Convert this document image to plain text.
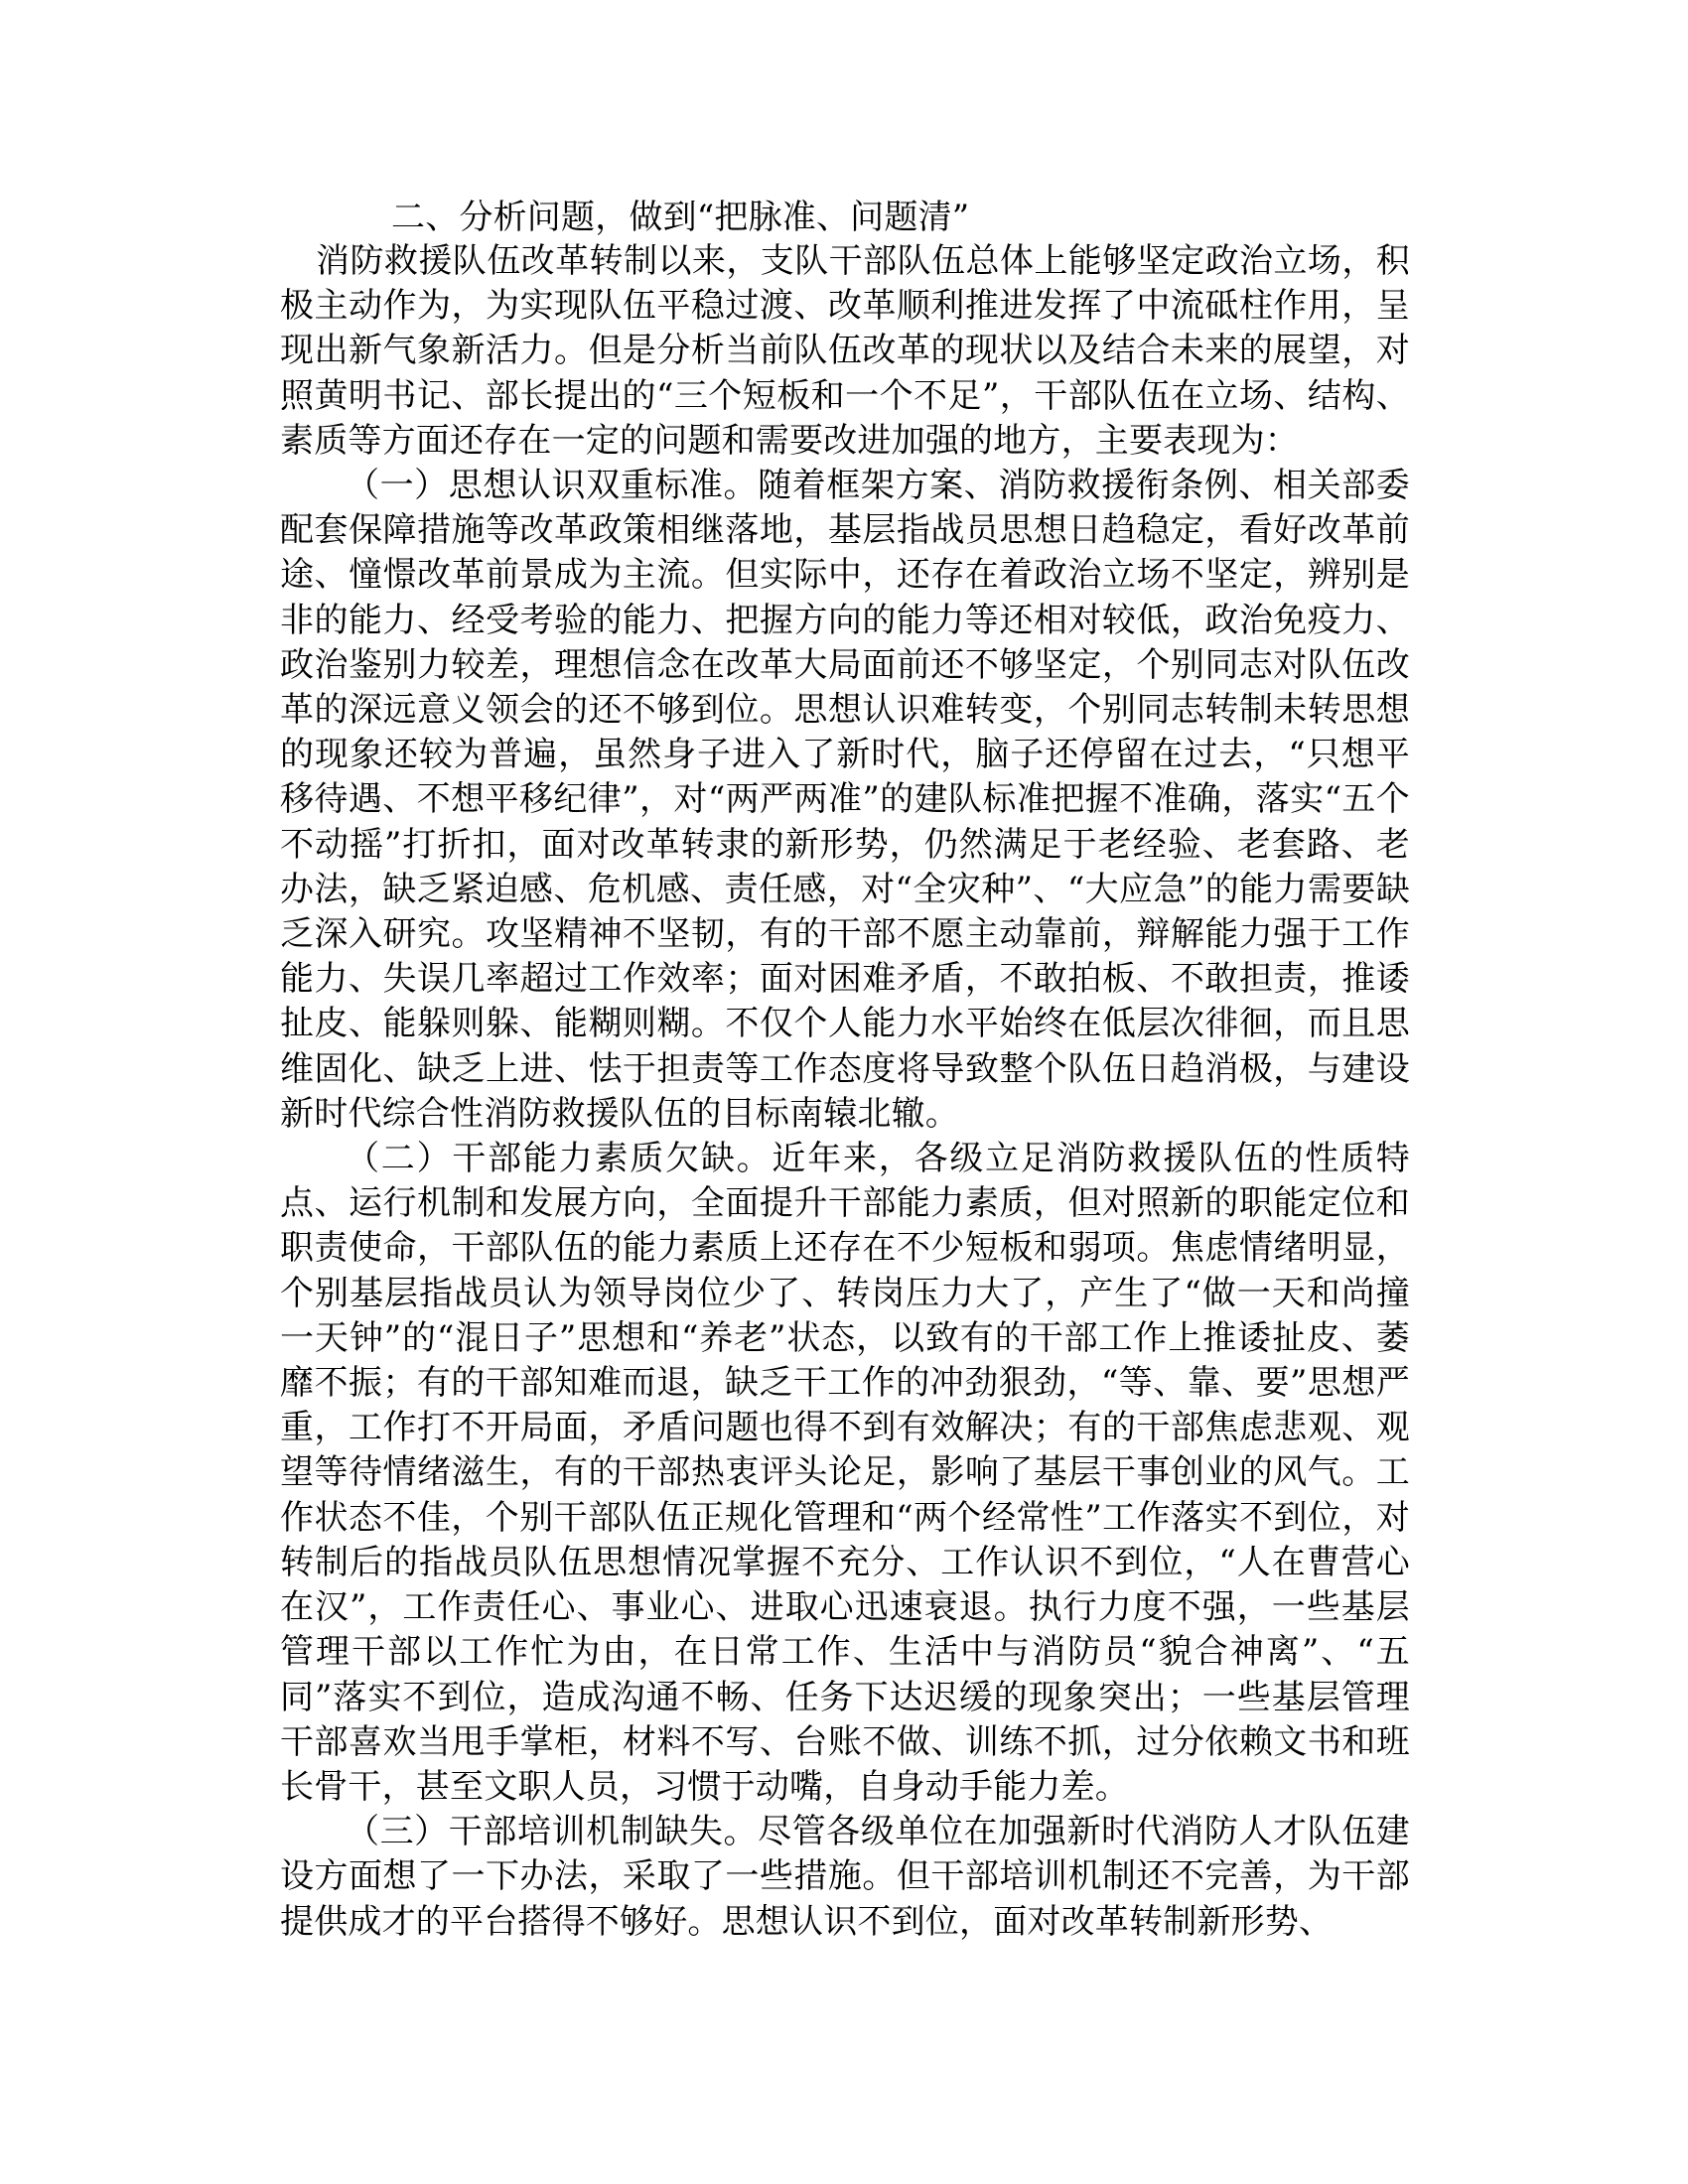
二、分析问题，做到“把脉准、问题清”

消防救援队伍改革转制以来，支队干部队伍总体上能够坚定政治立场，积极主动作为，为实现队伍平稳过渡、改革顺利推进发挥了中流砥柱作用，呈现出新气象新活力。但是分析当前队伍改革的现状以及结合未来的展望，对照黄明书记、部长提出的“三个短板和一个不足”，干部队伍在立场、结构、素质等方面还存在一定的问题和需要改进加强的地方，主要表现为：

（一）思想认识双重标准。随着框架方案、消防救援衔条例、相关部委配套保障措施等改革政策相继落地，基层指战员思想日趋稳定，看好改革前途、憧憬改革前景成为主流。但实际中，还存在着政治立场不坚定，辨别是非的能力、经受考验的能力、把握方向的能力等还相对较低，政治免疫力、政治鉴别力较差，理想信念在改革大局面前还不够坚定，个别同志对队伍改革的深远意义领会的还不够到位。思想认识难转变，个别同志转制未转思想的现象还较为普遍，虽然身子进入了新时代，脑子还停留在过去，“只想平移待遇、不想平移纪律”，对“两严两准”的建队标准把握不准确，落实“五个不动摇”打折扣，面对改革转隶的新形势，仍然满足于老经验、老套路、老办法，缺乏紧迫感、危机感、责任感，对“全灾种”、“大应急”的能力需要缺乏深入研究。攻坚精神不坚韧，有的干部不愿主动靠前，辩解能力强于工作能力、失误几率超过工作效率；面对困难矛盾，不敢拍板、不敢担责，推诿扯皮、能躲则躲、能糊则糊。不仅个人能力水平始终在低层次徘徊，而且思维固化、缺乏上进、怯于担责等工作态度将导致整个队伍日趋消极，与建设新时代综合性消防救援队伍的目标南辕北辙。

（二）干部能力素质欠缺。近年来，各级立足消防救援队伍的性质特点、运行机制和发展方向，全面提升干部能力素质，但对照新的职能定位和职责使命，干部队伍的能力素质上还存在不少短板和弱项。焦虑情绪明显，个别基层指战员认为领导岗位少了、转岗压力大了，产生了“做一天和尚撞一天钟”的“混日子”思想和“养老”状态，以致有的干部工作上推诿扯皮、萎靡不振；有的干部知难而退，缺乏干工作的冲劲狠劲，“等、靠、要”思想严重，工作打不开局面，矛盾问题也得不到有效解决；有的干部焦虑悲观、观望等待情绪滋生，有的干部热衷评头论足，影响了基层干事创业的风气。工作状态不佳，个别干部队伍正规化管理和“两个经常性”工作落实不到位，对转制后的指战员队伍思想情况掌握不充分、工作认识不到位，“人在曹营心在汉”，工作责任心、事业心、进取心迅速衰退。执行力度不强，一些基层管理干部以工作忙为由，在日常工作、生活中与消防员“貌合神离”、“五同”落实不到位，造成沟通不畅、任务下达迟缓的现象突出；一些基层管理干部喜欢当甩手掌柜，材料不写、台账不做、训练不抓，过分依赖文书和班长骨干，甚至文职人员，习惯于动嘴，自身动手能力差。

（三）干部培训机制缺失。尽管各级单位在加强新时代消防人才队伍建设方面想了一下办法，采取了一些措施。但干部培训机制还不完善，为干部提供成才的平台搭得不够好。思想认识不到位，面对改革转制新形势、
